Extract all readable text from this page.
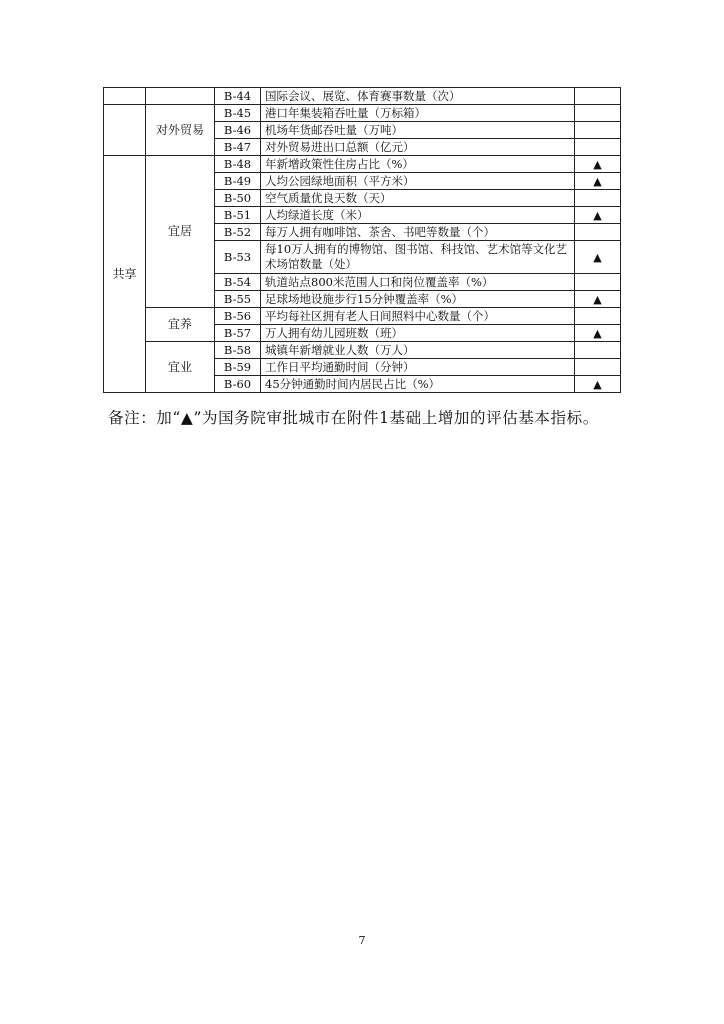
		B-44	国际会议、展览、体育赛事数量（次）	
	对外贸易	B-45	港口年集装箱吞吐量（万标箱）	
		B-46	机场年货邮吞吐量（万吨）	
		B-47	对外贸易进出口总额（亿元）	
共享	宜居	B-48	年新增政策性住房占比（%）	▲
		B-49	人均公园绿地面积（平方米）	▲
		B-50	空气质量优良天数（天）	
		B-51	人均绿道长度（米）	▲
		B-52	每万人拥有咖啡馆、茶舍、书吧等数量（个）	
		B-53	每10万人拥有的博物馆、图书馆、科技馆、艺术馆等文化艺术场馆数量（处）	▲
		B-54	轨道站点800米范围人口和岗位覆盖率（%）	
		B-55	足球场地设施步行15分钟覆盖率（%）	▲
	宜养	B-56	平均每社区拥有老人日间照料中心数量（个）	
		B-57	万人拥有幼儿园班数（班）	▲
	宜业	B-58	城镇年新增就业人数（万人）	
		B-59	工作日平均通勤时间（分钟）	
		B-60	45分钟通勤时间内居民占比（%）	▲
备注：加“▲”为国务院审批城市在附件1基础上增加的评估基本指标。
7
